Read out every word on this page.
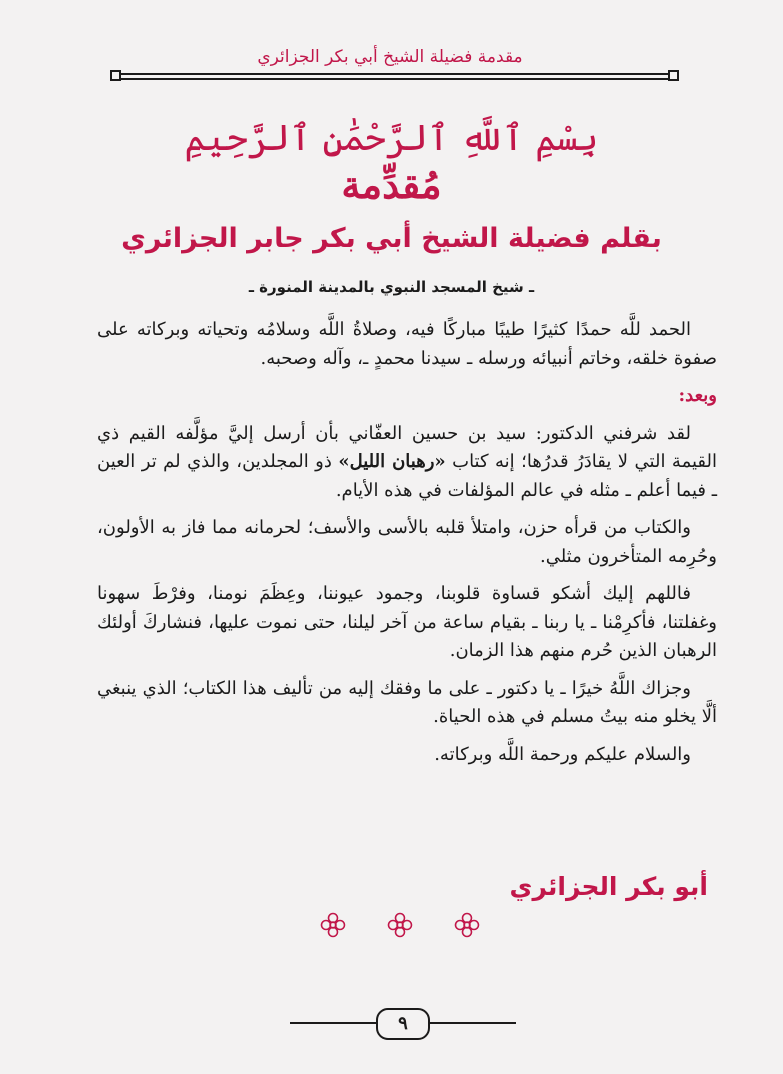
مقدمة فضيلة الشيخ أبي بكر الجزائري
بِسْمِ ٱللَّهِ ٱلرَّحْمَٰنِ ٱلرَّحِيمِ
مُقدِّمة
بقلم فضيلة الشيخ أبي بكر جابر الجزائري
ـ شيخ المسجد النبوي بالمدينة المنورة ـ

الحمد للَّه حمدًا كثيرًا طيبًا مباركًا فيه، وصلاةُ اللَّه وسلامُه وتحياته وبركاته على صفوة خلقه، وخاتم أنبيائه ورسله ـ سيدنا محمدٍ ـ، وآله وصحبه.

وبعد:

لقد شرفني الدكتور: سيد بن حسين العفّاني بأن أرسل إليَّ مؤلَّفه القيم ذي القيمة التي لا يقادَرُ قدرُها؛ إنه كتاب «رهبان الليل» ذو المجلدين، والذي لم تر العين ـ فيما أعلم ـ مثله في عالم المؤلفات في هذه الأيام.

والكتاب من قرأه حزن، وامتلأ قلبه بالأسى والأسف؛ لحرمانه مما فاز به الأولون، وحُرِمه المتأخرون مثلي.

فاللهم إليك أشكو قساوة قلوبنا، وجمود عيوننا، وعِظَمَ نومنا، وفرْطَ سهونا وغفلتنا، فأكرِمْنا ـ يا ربنا ـ بقيام ساعة من آخر ليلنا، حتى نموت عليها، فنشاركَ أولئك الرهبان الذين حُرم منهم هذا الزمان.

وجزاك اللَّهُ خيرًا ـ يا دكتور ـ على ما وفقك إليه من تأليف هذا الكتاب؛ الذي ينبغي ألَّا يخلو منه بيتُ مسلم في هذه الحياة.

والسلام عليكم ورحمة اللَّه وبركاته.

أبو بكر الجزائري
٩
